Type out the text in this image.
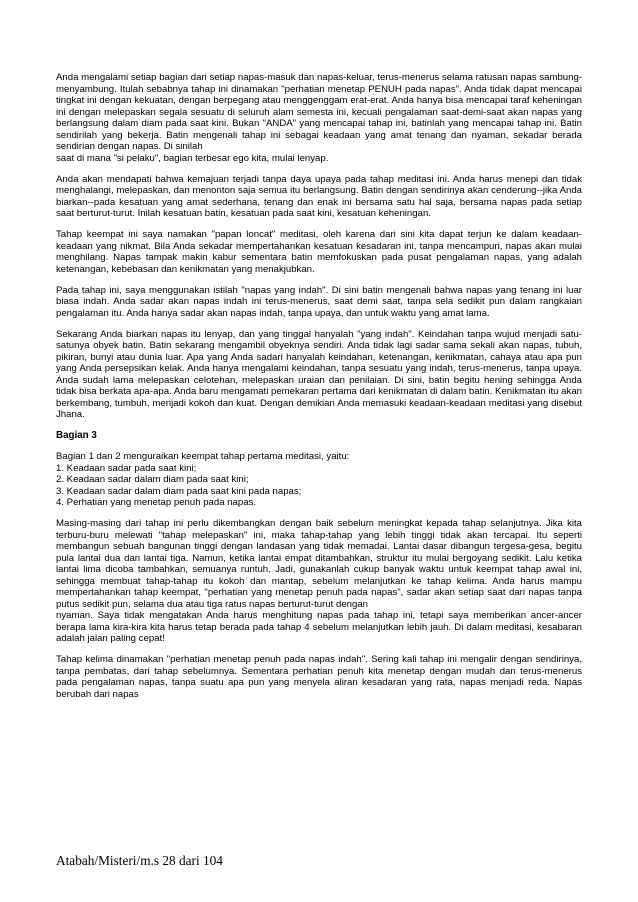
Anda mengalami setiap bagian dari setiap napas-masuk dan napas-keluar, terus-menerus selama ratusan napas sambung-menyambung. Itulah sebabnya tahap ini dinamakan "perhatian menetap PENUH pada napas". Anda tidak dapat mencapai tingkat ini dengan kekuatan, dengan berpegang atau menggenggam erat-erat. Anda hanya bisa mencapai taraf keheningan ini dengan melepaskan segala sesuatu di seluruh alam semesta ini, kecuali pengalaman saat-demi-saat akan napas yang berlangsung dalam diam pada saat kini. Bukan "ANDA" yang mencapai tahap ini, batinlah yang mencapai tahap ini. Batin sendirilah yang bekerja. Batin mengenali tahap ini sebagai keadaan yang amat tenang dan nyaman, sekadar berada sendirian dengan napas. Di sinilah
saat di mana "si pelaku", bagian terbesar ego kita, mulai lenyap.

Anda akan mendapati bahwa kemajuan terjadi tanpa daya upaya pada tahap meditasi ini. Anda harus menepi dan tidak menghalangi, melepaskan, dan menonton saja semua itu berlangsung. Batin dengan sendirinya akan cenderung--jika Anda biarkan--pada kesatuan yang amat sederhana, tenang dan enak ini bersama satu hal saja, bersama napas pada setiap saat berturut-turut. Inilah kesatuan batin, kesatuan pada saat kini, kesatuan keheningan.

Tahap keempat ini saya namakan "papan loncat" meditasi, oleh karena dari sini kita dapat terjun ke dalam keadaan-keadaan yang nikmat. Bila Anda sekadar mempertahankan kesatuan kesadaran ini, tanpa mencampuri, napas akan mulai menghilang. Napas tampak makin kabur sementara batin memfokuskan pada pusat pengalaman napas, yang adalah ketenangan, kebebasan dan kenikmatan yang menakjubkan.

Pada tahap ini, saya menggunakan istilah "napas yang indah". Di sini batin mengenali bahwa napas yang tenang ini luar biasa indah. Anda sadar akan napas indah ini terus-menerus, saat demi saat, tanpa sela sedikit pun dalam rangkaian pengalaman itu. Anda hanya sadar akan napas indah, tanpa upaya, dan untuk waktu yang amat lama.

Sekarang Anda biarkan napas itu lenyap, dan yang tinggal hanyalah "yang indah". Keindahan tanpa wujud menjadi satu-satunya obyek batin. Batin sekarang mengambil obyeknya sendiri. Anda tidak lagi sadar sama sekali akan napas, tubuh, pikiran, bunyi atau dunia luar. Apa yang Anda sadari hanyalah keindahan, ketenangan, kenikmatan, cahaya atau apa pun yang Anda persepsikan kelak. Anda hanya mengalami keindahan, tanpa sesuatu yang indah, terus-menerus, tanpa upaya. Anda sudah lama melepaskan celotehan, melepaskan uraian dan penilaian. Di sini, batin begitu hening sehingga Anda tidak bisa berkata apa-apa. Anda baru mengamati pemekaran pertama dari kenikmatan di dalam batin. Kenikmatan itu akan berkembang, tumbuh, menjadi kokoh dan kuat. Dengan demikian Anda memasuki keadaan-keadaan meditasi yang disebut Jhana.

Bagian 3
Bagian 1 dan 2 menguraikan keempat tahap pertama meditasi, yaitu:
1. Keadaan sadar pada saat kini;
2. Keadaan sadar dalam diam pada saat kini;
3. Keadaan sadar dalam diam pada saat kini pada napas;
4. Perhatian yang menetap penuh pada napas.

Masing-masing dari tahap ini perlu dikembangkan dengan baik sebelum meningkat kepada tahap selanjutnya. Jika kita terburu-buru melewati "tahap melepaskan" ini, maka tahap-tahap yang lebih tinggi tidak akan tercapai. Itu seperti membangun sebuah bangunan tinggi dengan landasan yang tidak memadai. Lantai dasar dibangun tergesa-gesa, begitu pula lantai dua dan lantai tiga. Namun, ketika lantai empat ditambahkan, struktur itu mulai bergoyang sedikit. Lalu ketika lantai lima dicoba tambahkan, semuanya runtuh. Jadi, gunakanlah cukup banyak waktu untuk keempat tahap awal ini, sehingga membuat tahap-tahap itu kokoh dan mantap, sebelum melanjutkan ke tahap kelima. Anda harus mampu mempertahankan tahap keempat, "perhatian yang menetap penuh pada napas", sadar akan setiap saat dari napas tanpa putus sedikit pun, selama dua atau tiga ratus napas berturut-turut dengan
nyaman. Saya tidak mengatakan Anda harus menghitung napas pada tahap ini, tetapi saya memberikan ancer-ancer berapa lama kira-kira kita harus tetap berada pada tahap 4 sebelum melanjutkan lebih jauh. Di dalam meditasi, kesabaran adalah jalan paling cepat!

Tahap kelima dinamakan "perhatian menetap penuh pada napas indah". Sering kali tahap ini mengalir dengan sendirinya, tanpa pembatas, dari tahap sebelumnya. Sementara perhatian penuh kita menetap dengan mudah dan terus-menerus pada pengalaman napas, tanpa suatu apa pun yang menyela aliran kesadaran yang rata, napas menjadi reda. Napas berubah dari napas

Atabah/Misteri/m.s 28 dari 104
